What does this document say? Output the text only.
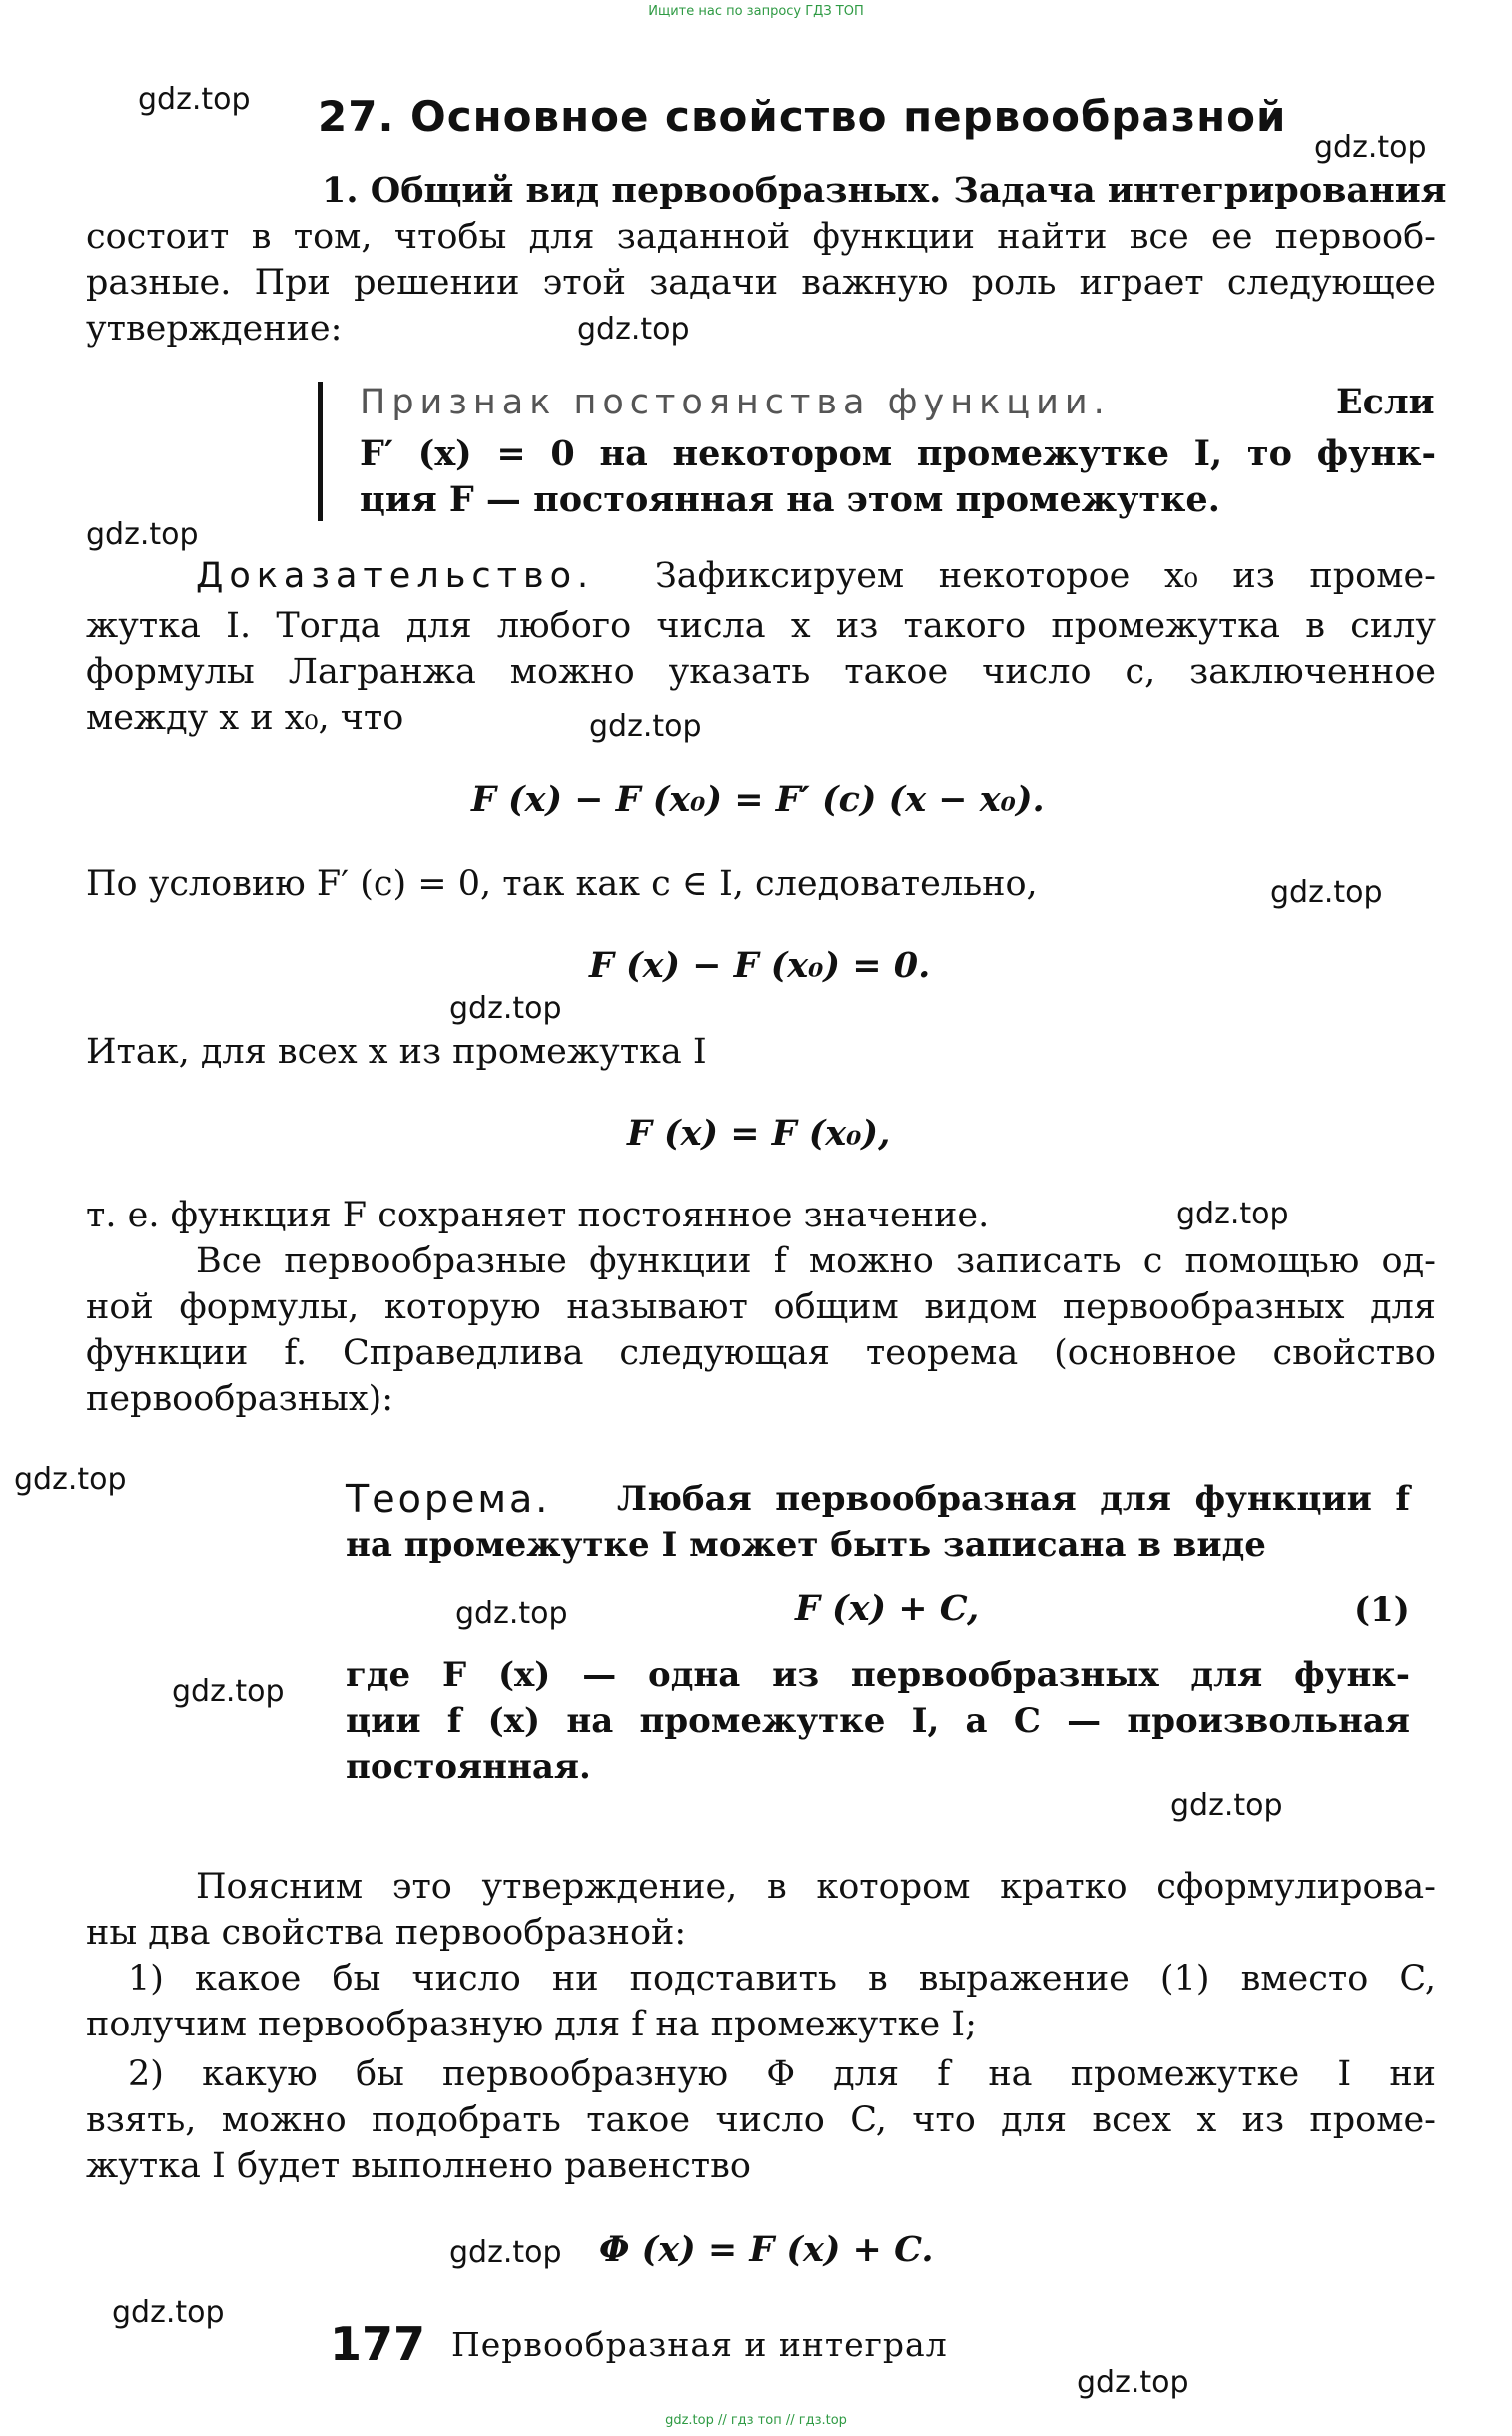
Ищите нас по запросу ГДЗ ТОП
gdz.top
gdz.top
gdz.top
gdz.top
gdz.top
gdz.top
gdz.top
gdz.top
gdz.top
gdz.top
gdz.top
gdz.top
gdz.top
gdz.top
gdz.top
27. Основное свойство первообразной
1. Общий вид первообразных. Задача интегрирования
состоит в том, чтобы для заданной функции найти все ее первооб-
разные. При решении этой задачи важную роль играет следующее
утверждение:
Признак постоянства функции.	Если
F′ (x) = 0 на некотором промежутке I, то функ-
ция F — постоянная на этом промежутке.
Доказательство. Зафиксируем некоторое x₀ из проме-
жутка I. Тогда для любого числа x из такого промежутка в силу
формулы Лагранжа можно указать такое число c, заключенное
между x и x₀, что
F (x) − F (x₀) = F′ (c) (x − x₀).
По условию F′ (c) = 0, так как c ∈ I, следовательно,
F (x) − F (x₀) = 0.
Итак, для всех x из промежутка I
F (x) = F (x₀),
т. е. функция F сохраняет постоянное значение.
Все первообразные функции f можно записать с помощью од-
ной формулы, которую называют общим видом первообразных для
функции f. Справедлива следующая теорема (основное свойство
первообразных):
Теорема. Любая первообразная для функции f
на промежутке I может быть записана в виде
F (x) + C,	(1)
где F (x) — одна из первообразных для функ-
ции f (x) на промежутке I, а C — произвольная
постоянная.
Поясним это утверждение, в котором кратко сформулирова-
ны два свойства первообразной:
1) какое бы число ни подставить в выражение (1) вместо C,
получим первообразную для f на промежутке I;
2) какую бы первообразную Φ для f на промежутке I ни
взять, можно подобрать такое число C, что для всех x из проме-
жутка I будет выполнено равенство
Φ (x) = F (x) + C.
177 Первообразная и интеграл
gdz.top // гдз топ // гдз.top
